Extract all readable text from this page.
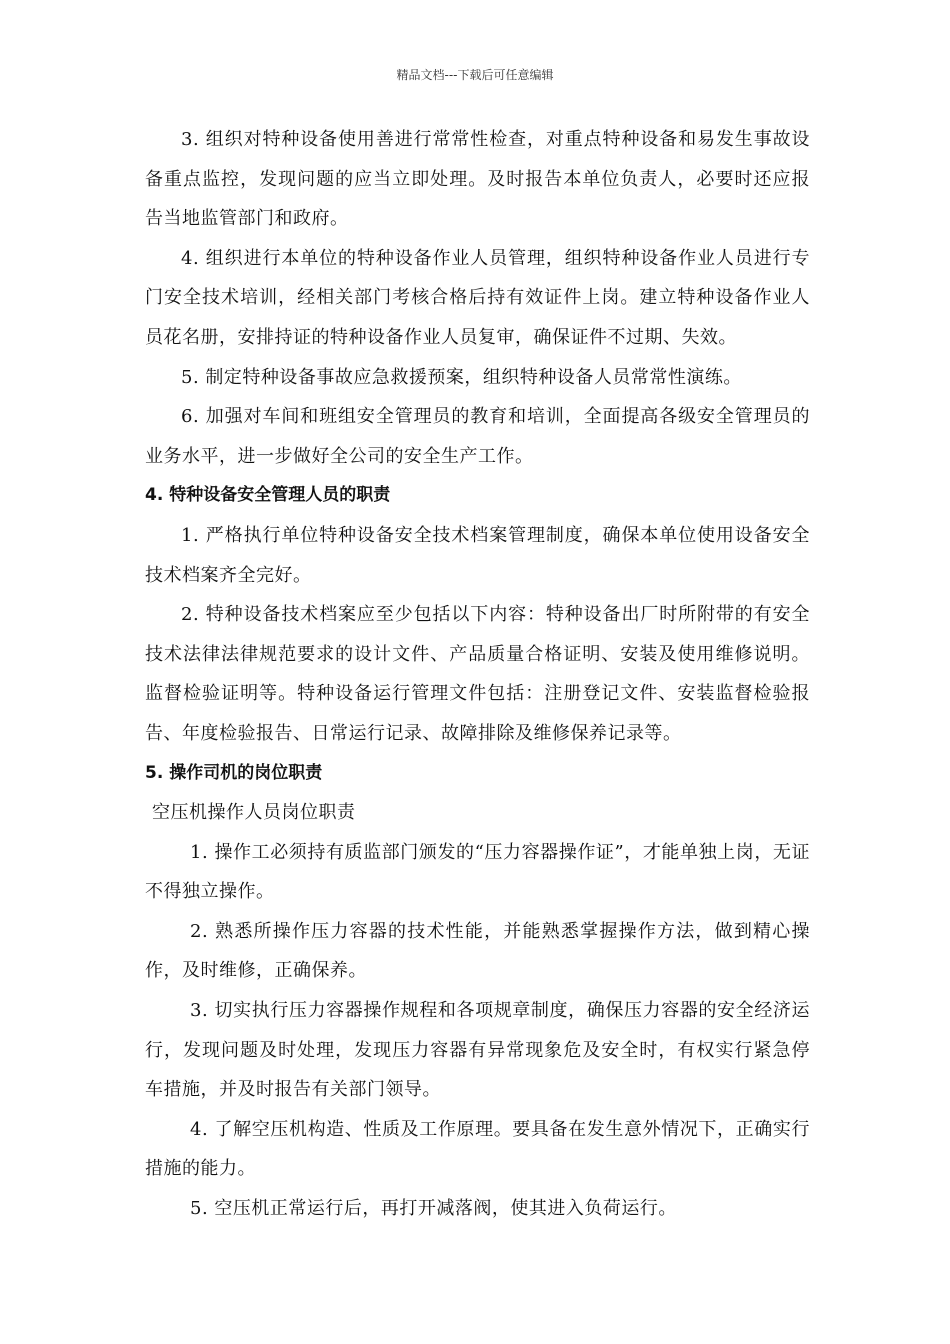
精品文档---下载后可任意编辑

3. 组织对特种设备使用善进行常常性检查，对重点特种设备和易发生事故设备重点监控，发现问题的应当立即处理。及时报告本单位负责人，必要时还应报告当地监管部门和政府。

4. 组织进行本单位的特种设备作业人员管理，组织特种设备作业人员进行专门安全技术培训，经相关部门考核合格后持有效证件上岗。建立特种设备作业人员花名册，安排持证的特种设备作业人员复审，确保证件不过期、失效。

5. 制定特种设备事故应急救援预案，组织特种设备人员常常性演练。

6. 加强对车间和班组安全管理员的教育和培训，全面提高各级安全管理员的业务水平，进一步做好全公司的安全生产工作。

4. 特种设备安全管理人员的职责

1. 严格执行单位特种设备安全技术档案管理制度，确保本单位使用设备安全技术档案齐全完好。

2. 特种设备技术档案应至少包括以下内容：特种设备出厂时所附带的有安全技术法律法律规范要求的设计文件、产品质量合格证明、安装及使用维修说明。监督检验证明等。特种设备运行管理文件包括：注册登记文件、安装监督检验报告、年度检验报告、日常运行记录、故障排除及维修保养记录等。

5. 操作司机的岗位职责

空压机操作人员岗位职责

1. 操作工必须持有质监部门颁发的“压力容器操作证”，才能单独上岗，无证不得独立操作。

2. 熟悉所操作压力容器的技术性能，并能熟悉掌握操作方法，做到精心操作，及时维修，正确保养。

3. 切实执行压力容器操作规程和各项规章制度，确保压力容器的安全经济运行，发现问题及时处理，发现压力容器有异常现象危及安全时，有权实行紧急停车措施，并及时报告有关部门领导。

4. 了解空压机构造、性质及工作原理。要具备在发生意外情况下，正确实行措施的能力。

5. 空压机正常运行后，再打开减落阀，使其进入负荷运行。
